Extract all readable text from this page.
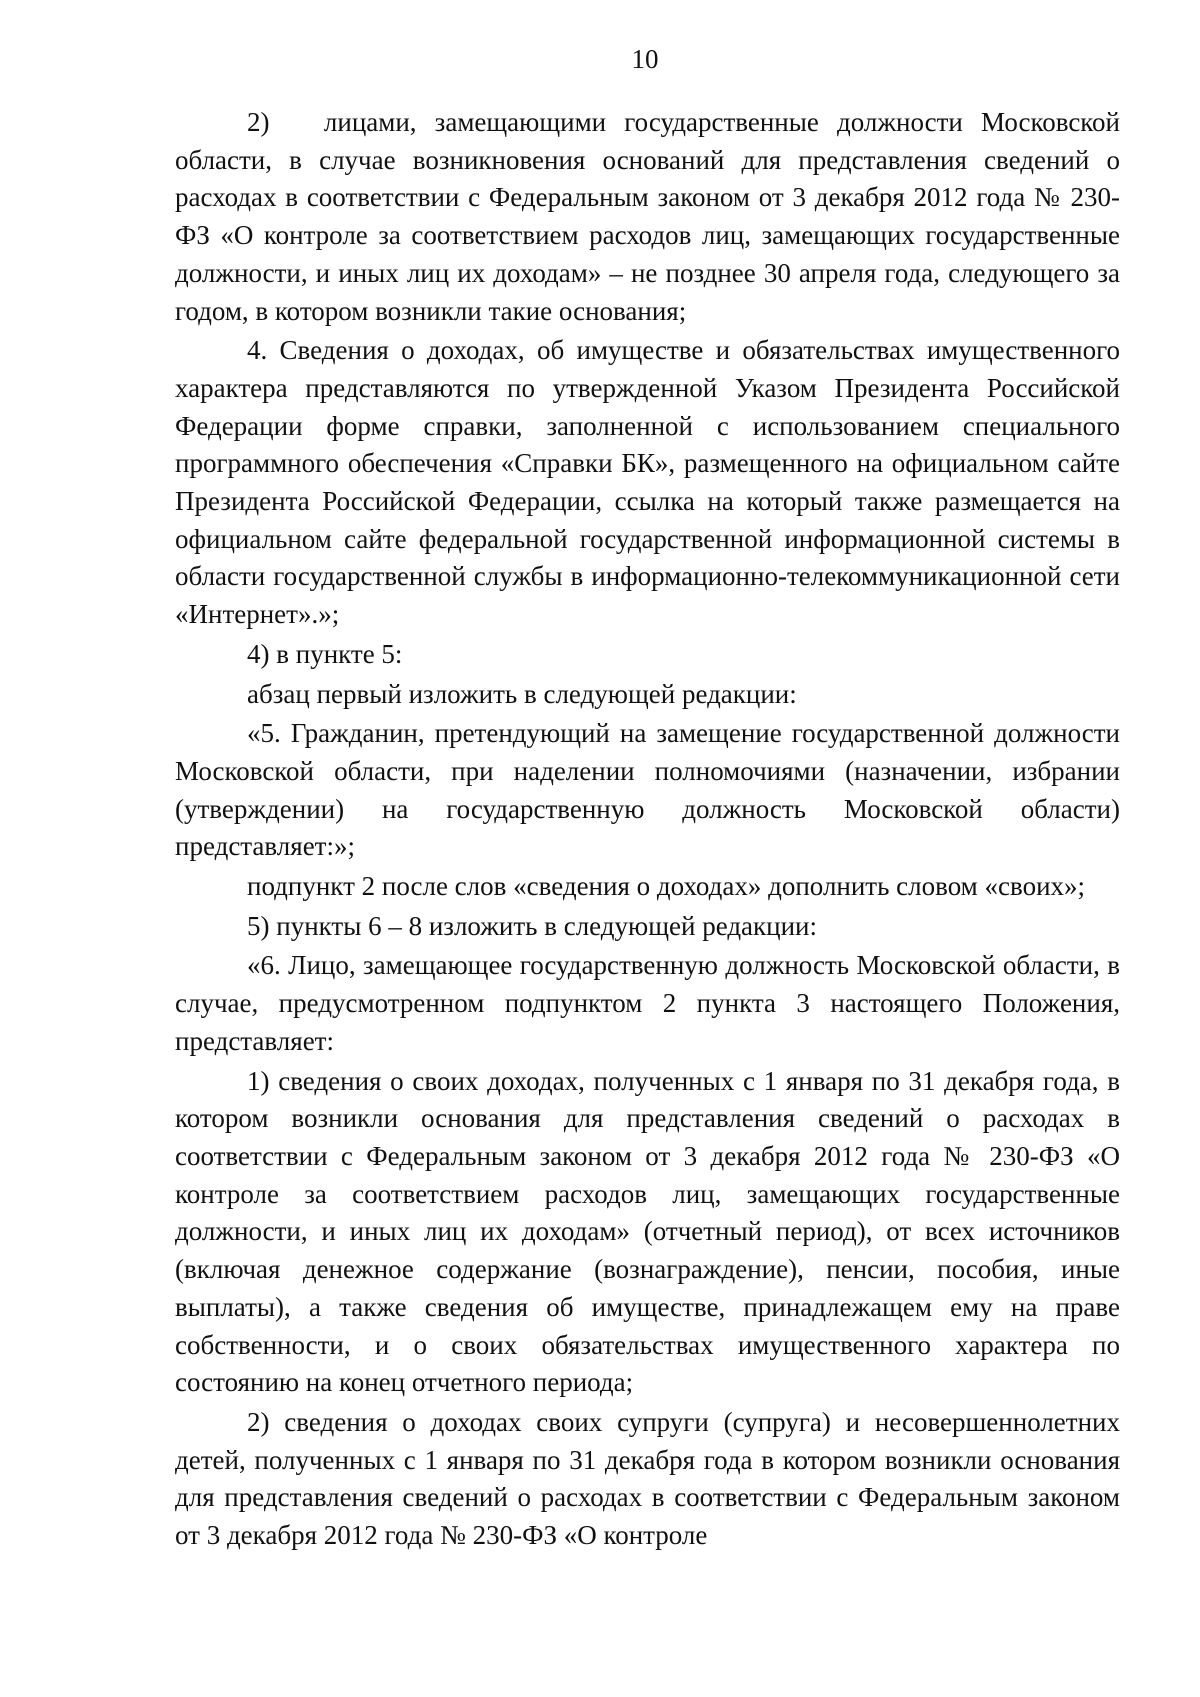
10

2)   лицами, замещающими государственные должности Московской области, в случае возникновения оснований для представления сведений о расходах в соответствии с Федеральным законом от 3 декабря 2012 года № 230-ФЗ «О контроле за соответствием расходов лиц, замещающих государственные должности, и иных лиц их доходам» – не позднее 30 апреля года, следующего за годом, в котором возникли такие основания;

4. Сведения о доходах, об имуществе и обязательствах имущественного характера представляются по утвержденной Указом Президента Российской Федерации форме справки, заполненной с использованием специального программного обеспечения «Справки БК», размещенного на официальном сайте Президента Российской Федерации, ссылка на который также размещается на официальном сайте федеральной государственной информационной системы в области государственной службы в информационно-телекоммуникационной сети «Интернет».»;

4) в пункте 5:

абзац первый изложить в следующей редакции:

«5. Гражданин, претендующий на замещение государственной должности Московской области, при наделении полномочиями (назначении, избрании (утверждении) на государственную должность Московской области) представляет:»;

подпункт 2 после слов «сведения о доходах» дополнить словом «своих»;

5) пункты 6 – 8 изложить в следующей редакции:

«6. Лицо, замещающее государственную должность Московской области, в случае, предусмотренном подпунктом 2 пункта 3 настоящего Положения, представляет:

1) сведения о своих доходах, полученных с 1 января по 31 декабря года, в котором возникли основания для представления сведений о расходах в соответствии с Федеральным законом от 3 декабря 2012 года № 230-ФЗ «О контроле за соответствием расходов лиц, замещающих государственные должности, и иных лиц их доходам» (отчетный период), от всех источников (включая денежное содержание (вознаграждение), пенсии, пособия, иные выплаты), а также сведения об имуществе, принадлежащем ему на праве собственности, и о своих обязательствах имущественного характера по состоянию на конец отчетного периода;

2) сведения о доходах своих супруги (супруга) и несовершеннолетних детей, полученных с 1 января по 31 декабря года в котором возникли основания для представления сведений о расходах в соответствии с Федеральным законом от 3 декабря 2012 года № 230-ФЗ «О контроле
